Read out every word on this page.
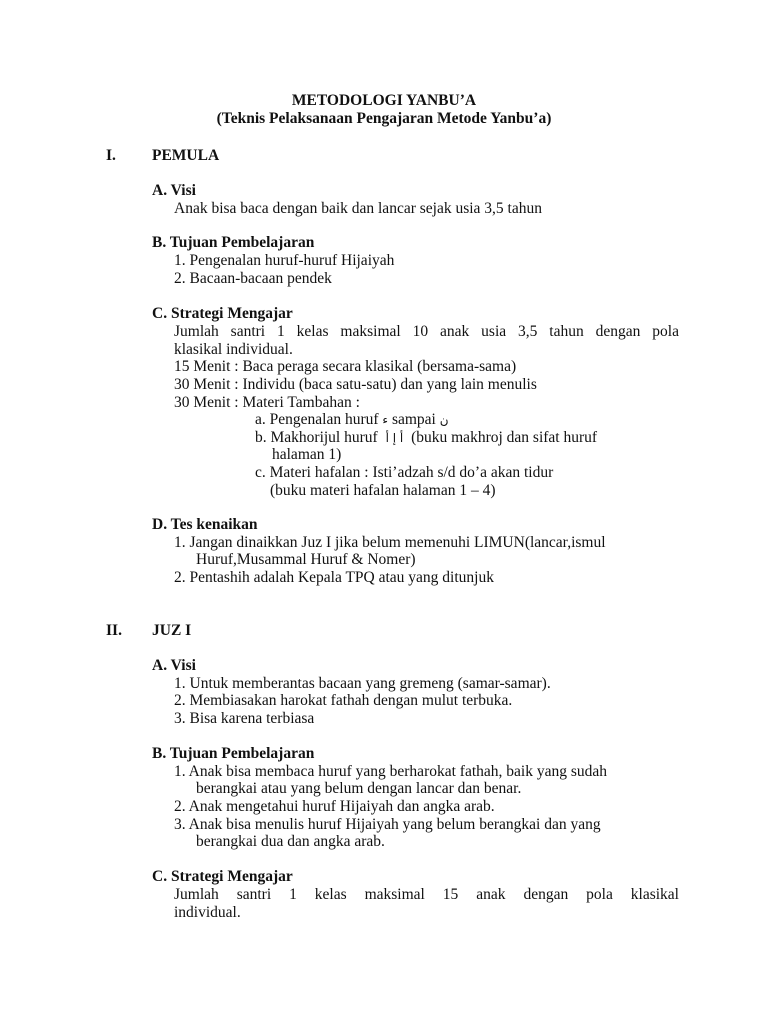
METODOLOGI YANBU’A
(Teknis Pelaksanaan Pengajaran Metode Yanbu’a)
I. PEMULA
A. Visi
Anak bisa baca dengan baik dan lancar sejak usia 3,5 tahun
B. Tujuan Pembelajaran
1. Pengenalan huruf-huruf Hijaiyah
2. Bacaan-bacaan pendek
C. Strategi Mengajar
Jumlah santri 1 kelas maksimal 10 anak usia 3,5 tahun dengan pola
klasikal individual.
15 Menit : Baca peraga secara klasikal (bersama-sama)
30 Menit : Individu (baca satu-satu) dan yang lain menulis
30 Menit : Materi Tambahan :
a. Pengenalan huruf ء sampai ن
b. Makhorijul huruf أ إ أ (buku makhroj dan sifat huruf
halaman 1)
c. Materi hafalan : Isti’adzah s/d do’a akan tidur
(buku materi hafalan halaman 1 – 4)
D. Tes kenaikan
1. Jangan dinaikkan Juz I jika belum memenuhi LIMUN(lancar,ismul
Huruf,Musammal Huruf & Nomer)
2. Pentashih adalah Kepala TPQ atau yang ditunjuk
II. JUZ I
A. Visi
1. Untuk memberantas bacaan yang gremeng (samar-samar).
2. Membiasakan harokat fathah dengan mulut terbuka.
3. Bisa karena terbiasa
B. Tujuan Pembelajaran
1. Anak bisa membaca huruf yang berharokat fathah, baik yang sudah
berangkai atau yang belum dengan lancar dan benar.
2. Anak mengetahui huruf Hijaiyah dan angka arab.
3. Anak bisa menulis huruf Hijaiyah yang belum berangkai dan yang
berangkai dua dan angka arab.
C. Strategi Mengajar
Jumlah santri 1 kelas maksimal 15 anak dengan pola klasikal
individual.
